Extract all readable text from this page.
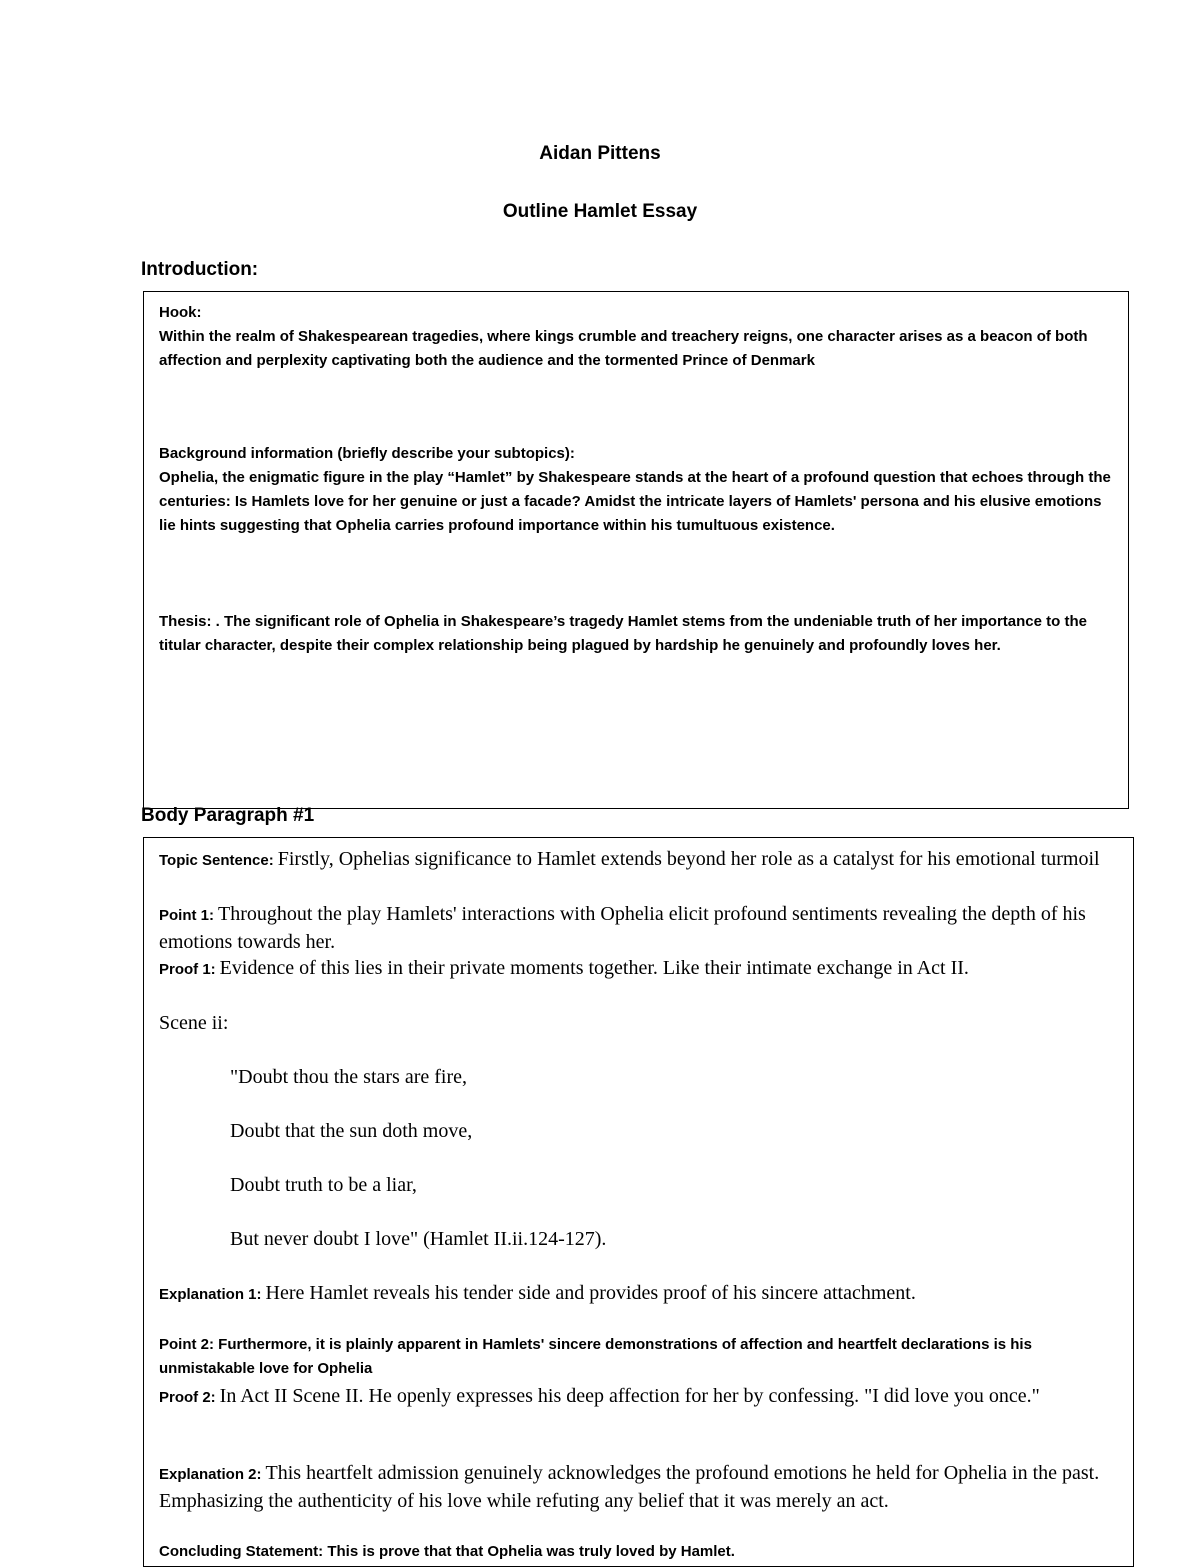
Aidan Pittens
Outline Hamlet Essay
Introduction:
Hook:
Within the realm of Shakespearean tragedies, where kings crumble and treachery reigns, one character arises as a beacon of both affection and perplexity captivating both the audience and the tormented Prince of Denmark
Background information (briefly describe your subtopics):
Ophelia, the enigmatic figure in the play “Hamlet” by Shakespeare stands at the heart of a profound question that echoes through the centuries: Is Hamlets love for her genuine or just a facade? Amidst the intricate layers of Hamlets' persona and his elusive emotions lie hints suggesting that Ophelia carries profound importance within his tumultuous existence.
Thesis: . The significant role of Ophelia in Shakespeare’s tragedy Hamlet stems from the undeniable truth of her importance to the titular character, despite their complex relationship being plagued by hardship he genuinely and profoundly loves her.
Body Paragraph #1
Topic Sentence: Firstly, Ophelias significance to Hamlet extends beyond her role as a catalyst for his emotional turmoil
Point 1: Throughout the play Hamlets' interactions with Ophelia elicit profound sentiments revealing the depth of his emotions towards her.
Proof 1: Evidence of this lies in their private moments together. Like their intimate exchange in Act II.
Scene ii:
"Doubt thou the stars are fire,
Doubt that the sun doth move,
Doubt truth to be a liar,
But never doubt I love" (Hamlet II.ii.124-127).
Explanation 1: Here Hamlet reveals his tender side and provides proof of his sincere attachment.
Point 2: Furthermore, it is plainly apparent in Hamlets' sincere demonstrations of affection and heartfelt declarations is his unmistakable love for Ophelia
Proof 2: In Act II Scene II. He openly expresses his deep affection for her by confessing. "I did love you once."
Explanation 2: This heartfelt admission genuinely acknowledges the profound emotions he held for Ophelia in the past. Emphasizing the authenticity of his love while refuting any belief that it was merely an act.
Concluding Statement: This is prove that that Ophelia was truly loved by Hamlet.
